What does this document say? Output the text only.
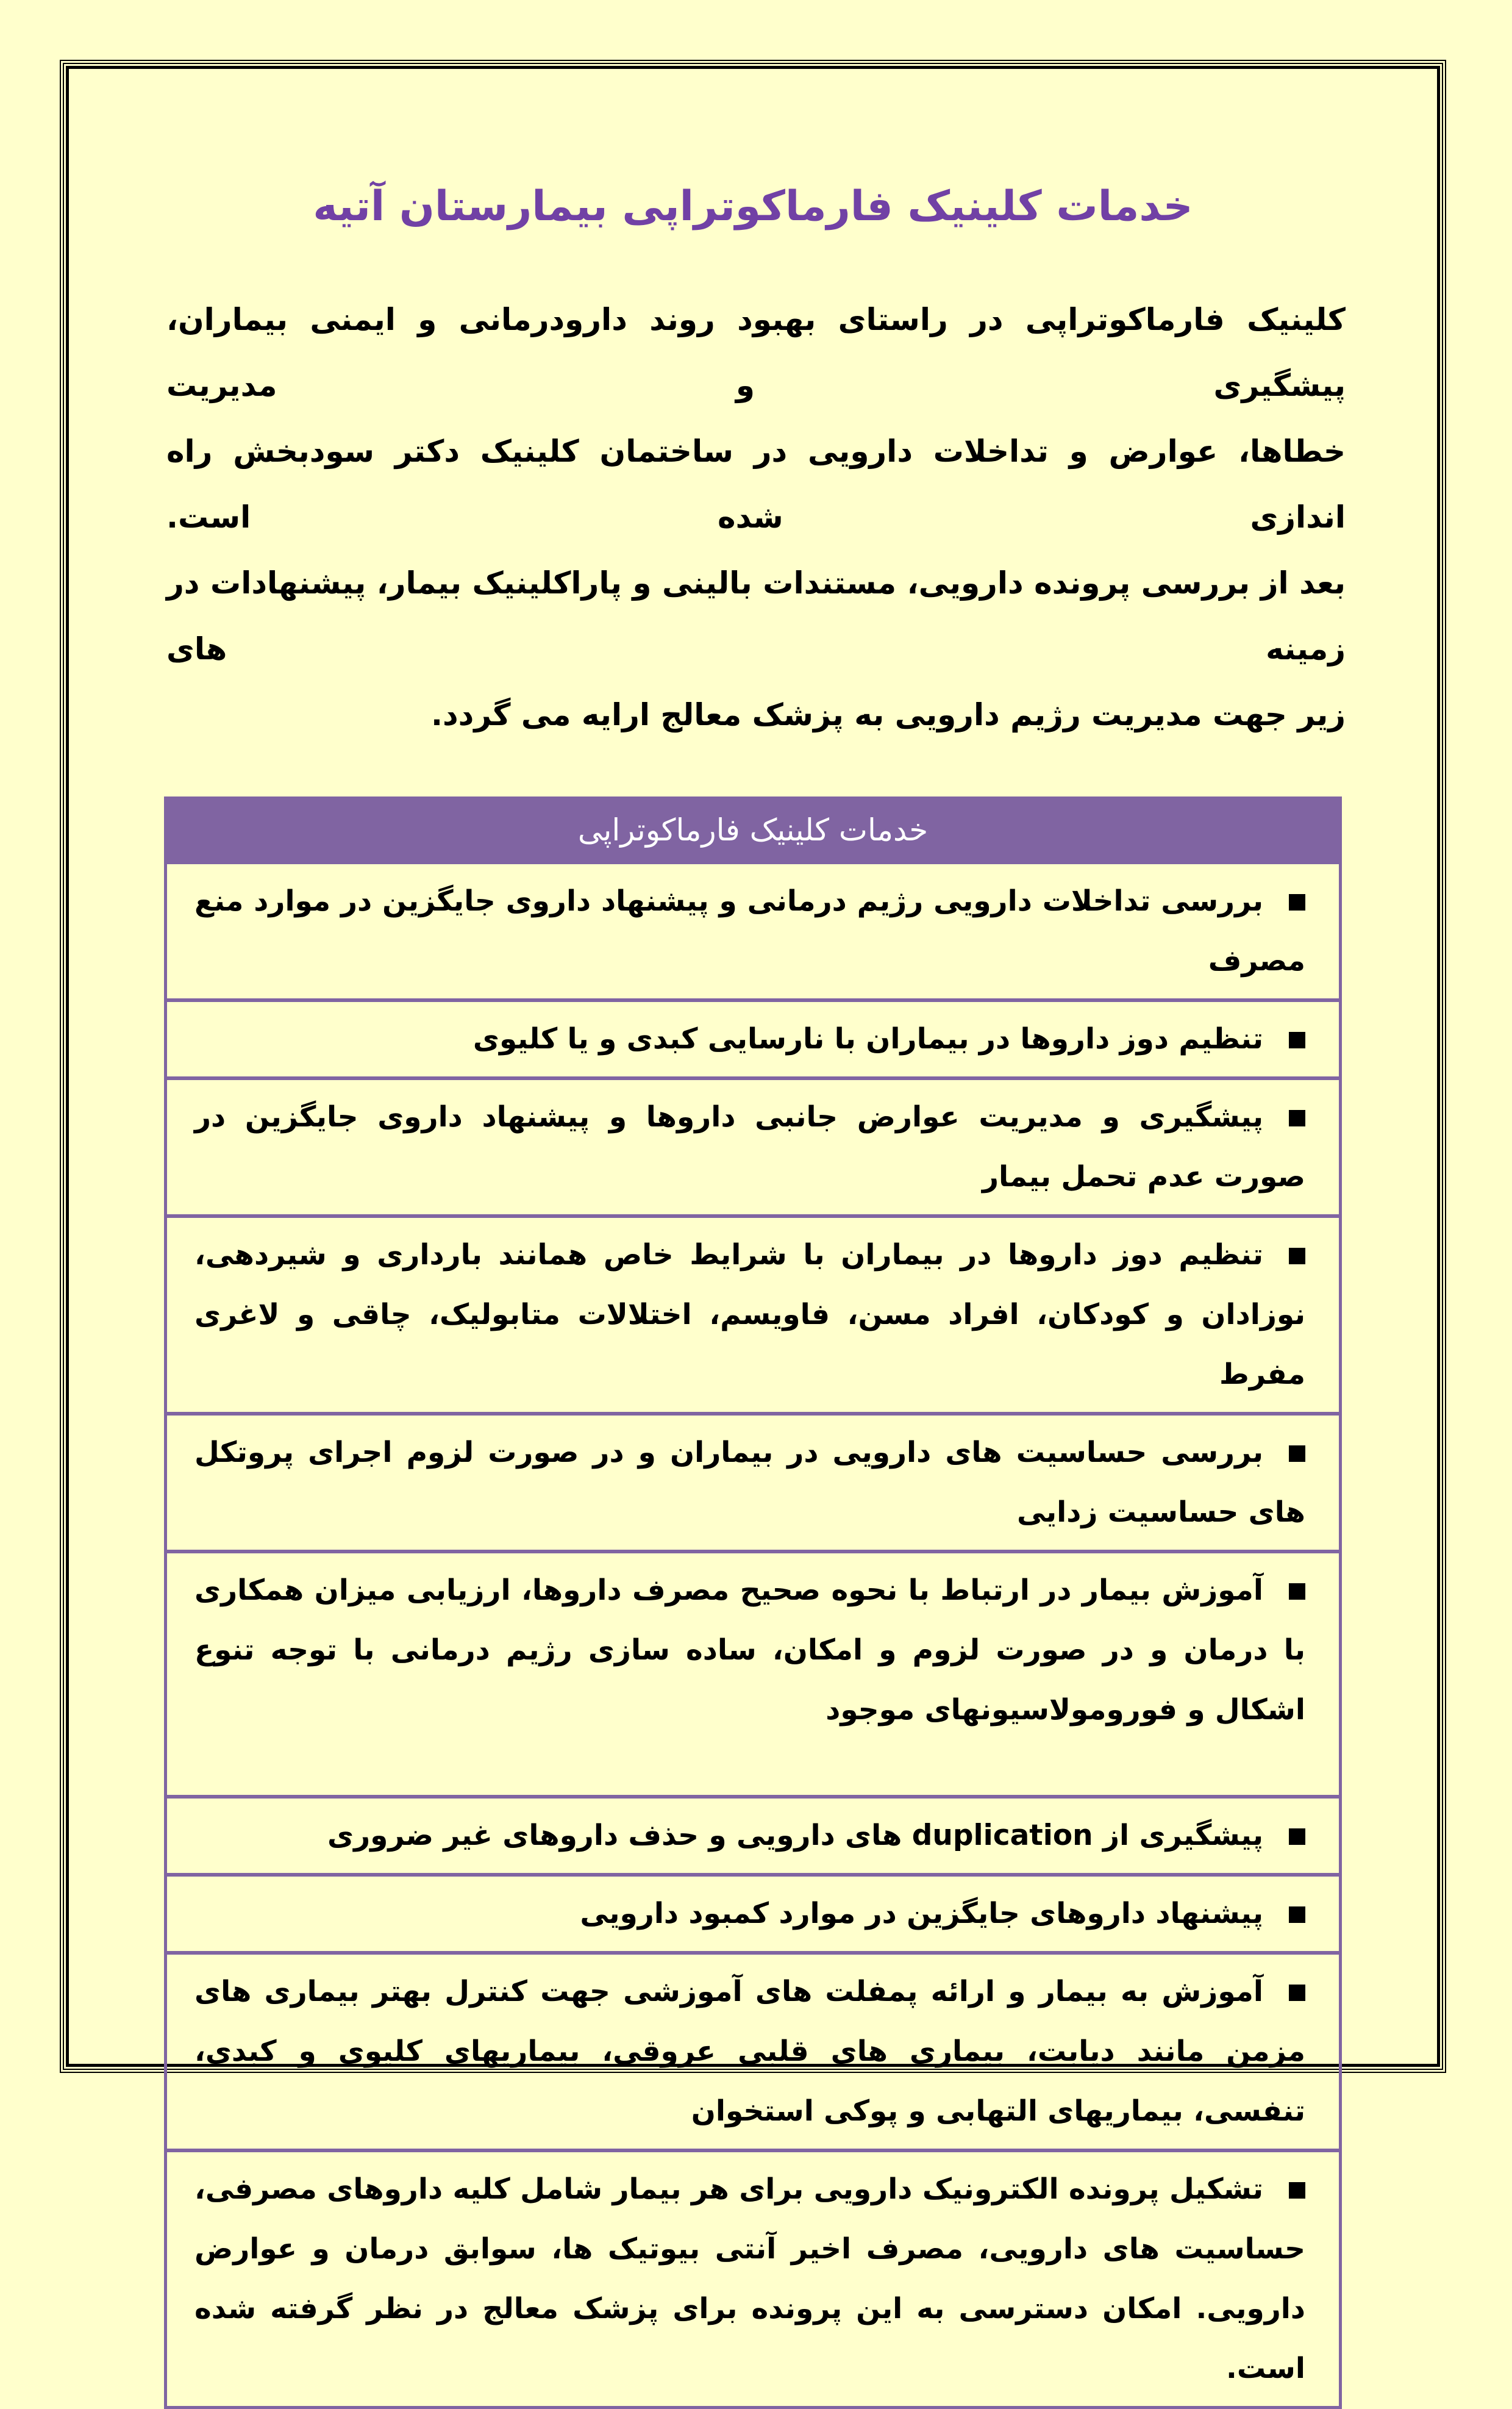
خدمات کلینیک فارماکوتراپی بیمارستان آتیه
کلینیک فارماکوتراپی در راستای بهبود روند دارودرمانی و ایمنی بیماران، پیشگیری و مدیریت
خطاها، عوارض و تداخلات دارویی در ساختمان کلینیک دکتر سودبخش راه اندازی شده است.
بعد از بررسی پرونده دارویی، مستندات بالینی و پاراکلینیک بیمار، پیشنهادات در زمینه های
زیر جهت مدیریت رژیم دارویی به پزشک معالج ارایه می گردد.
خدمات کلینیک فارماکوتراپی
بررسی تداخلات دارویی رژیم درمانی و پیشنهاد داروی جایگزین در موارد منع مصرف
تنظیم دوز داروها در بیماران با نارسایی کبدی و یا کلیوی
پیشگیری و مدیریت عوارض جانبی داروها و پیشنهاد داروی جایگزین در صورت عدم تحمل بیمار
تنظیم دوز داروها در بیماران با شرایط خاص همانند بارداری و شیردهی، نوزادان و کودکان، افراد مسن، فاویسم، اختلالات متابولیک، چاقی و لاغری مفرط
بررسی حساسیت های دارویی در بیماران و در صورت لزوم اجرای پروتکل های حساسیت زدایی
آموزش بیمار در ارتباط با نحوه صحیح مصرف داروها، ارزیابی میزان همکاری با درمان و در صورت لزوم و امکان، ساده سازی رژیم درمانی با توجه تنوع اشکال و فورومولاسیونهای موجود
پیشگیری از duplication های دارویی و حذف داروهای غیر ضروری
پیشنهاد داروهای جایگزین در موارد کمبود دارویی
آموزش به بیمار و ارائه پمفلت های آموزشی جهت کنترل بهتر بیماری های مزمن مانند دیابت، بیماری های قلبی عروقی، بیماریهای کلیوی و کبدی، تنفسی، بیماریهای التهابی و پوکی استخوان
تشکیل پرونده الکترونیک دارویی برای هر بیمار شامل کلیه داروهای مصرفی، حساسیت های دارویی، مصرف اخیر آنتی بیوتیک ها، سوابق درمان و عوارض دارویی. امکان دسترسی به این پرونده برای پزشک معالج در نظر گرفته شده است.
